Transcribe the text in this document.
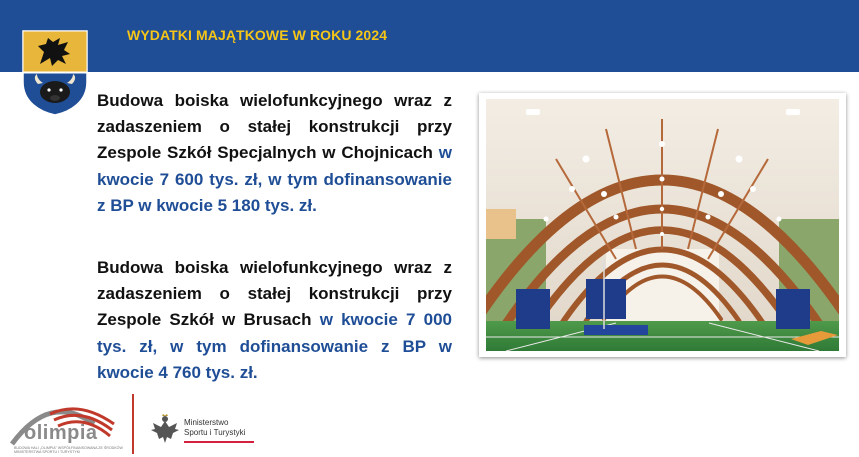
WYDATKI MAJĄTKOWE W ROKU 2024
Budowa boiska wielofunkcyjnego wraz z zadaszeniem o stałej konstrukcji przy Zespole Szkół Specjalnych w Chojnicach w kwocie 7 600 tys. zł, w tym dofinansowanie z BP w kwocie 5 180 tys. zł.
Budowa boiska wielofunkcyjnego wraz z zadaszeniem o stałej konstrukcji przy Zespole Szkół w Brusach w kwocie 7 000 tys. zł, w tym dofinansowanie z BP w kwocie 4 760 tys. zł.
olimpia
BUDOWA HALI „OLIMPIA" WSPÓŁFINANSOWANA ZE ŚRODKÓW MINISTERSTWA SPORTU I TURYSTYKI
Ministerstwo
Sportu i Turystyki
